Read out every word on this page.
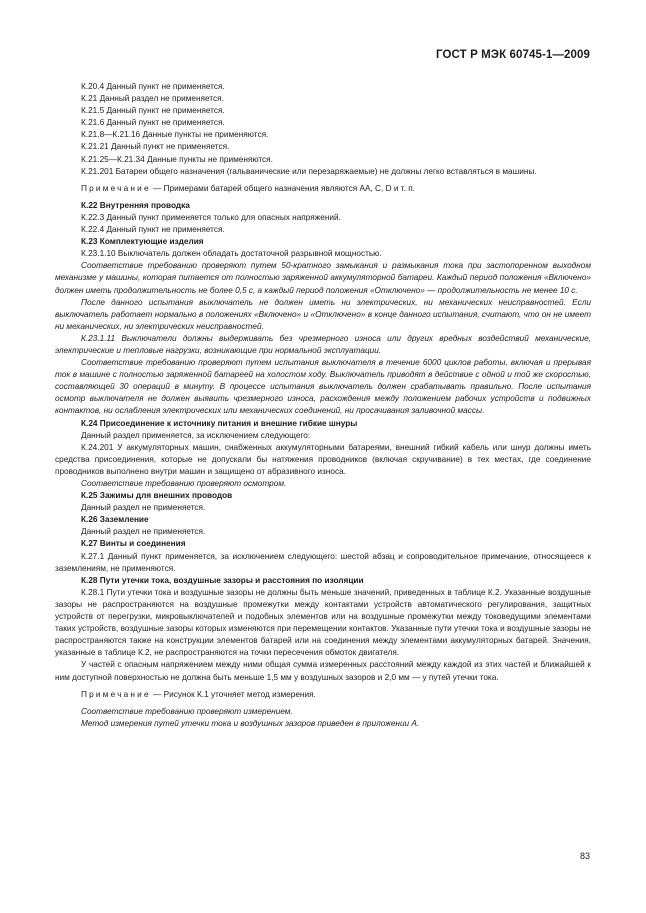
ГОСТ Р МЭК 60745-1—2009

К.20.4 Данный пункт не применяется.

К.21 Данный раздел не применяется.

К.21.5 Данный пункт не применяется.

К.21.6 Данный пункт не применяется.

К.21.8—К.21.16 Данные пункты не применяются.

К.21.21 Данный пункт не применяется.

К.21.25—К.21.34 Данные пункты не применяются.

К.21.201 Батареи общего назначения (гальванические или перезаряжаемые) не должны легко вставляться в машины.

Примечание — Примерами батарей общего назначения являются АА, С, D и т. п.

К.22 Внутренняя проводка

К.22.3 Данный пункт применяется только для опасных напряжений.

К.22.4 Данный пункт не применяется.

К.23 Комплектующие изделия

К.23.1.10 Выключатель должен обладать достаточной разрывной мощностью.

Соответствие требованию проверяют путем 50-кратного замыкания и размыкания тока при застопоренном выходном механизме у машины, которая питается от полностью заряженной аккумуляторной батареи. Каждый период положения «Включено» должен иметь продолжительность не более 0,5 с, а каждый период положения «Отключено» — продолжительность не менее 10 с.

После данного испытания выключатель не должен иметь ни электрических, ни механических неисправностей. Если выключатель работает нормально в положениях «Включено» и «Отключено» в конце данного испытания, считают, что он не имеет ни механических, ни электрических неисправностей.

К.23.1.11 Выключатели должны выдерживать без чрезмерного износа или других вредных воздействий механические, электрические и тепловые нагрузки, возникающие при нормальной эксплуатации.

Соответствие требованию проверяют путем испытания выключателя в течение 6000 циклов работы, включая и прерывая ток в машине с полностью заряженной батареей на холостом ходу. Выключатель приводят в действие с одной и той же скоростью, составляющей 30 операций в минуту. В процессе испытания выключатель должен срабатывать правильно. После испытания осмотр выключателя не должен выявить чрезмерного износа, расхождения между положением рабочих устройств и подвижных контактов, ни ослабления электрических или механических соединений, ни просачивания заливочной массы.

К.24 Присоединение к источнику питания и внешние гибкие шнуры

Данный раздел применяется, за исключением следующего:

К.24.201 У аккумуляторных машин, снабженных аккумуляторными батареями, внешний гибкий кабель или шнур должны иметь средства присоединения, которые не допускали бы натяжения проводников (включая скручивание) в тех местах, где соединение проводников выполнено внутри машин и защищено от абразивного износа.

Соответствие требованию проверяют осмотром.

К.25 Зажимы для внешних проводов

Данный раздел не применяется.

К.26 Заземление

Данный раздел не применяется.

К.27 Винты и соединения

К.27.1 Данный пункт применяется, за исключением следующего: шестой абзац и сопроводительное примечание, относящееся к заземлениям, не применяются.

К.28 Пути утечки тока, воздушные зазоры и расстояния по изоляции

К.28.1 Пути утечки тока и воздушные зазоры не должны быть меньше значений, приведенных в таблице К.2. Указанные воздушные зазоры не распространяются на воздушные промежутки между контактами устройств автоматического регулирования, защитных устройств от перегрузки, микровыключателей и подобных элементов или на воздушные промежутки между токоведущими элементами таких устройств, воздушные зазоры которых изменяются при перемещении контактов. Указанные пути утечки тока и воздушные зазоры не распространяются также на конструкции элементов батарей или на соединения между элементами аккумуляторных батарей. Значения, указанные в таблице К.2, не распространяются на точки пересечения обмоток двигателя.

У частей с опасным напряжением между ними общая сумма измеренных расстояний между каждой из этих частей и ближайшей к ним доступной поверхностью не должна быть меньше 1,5 мм у воздушных зазоров и 2,0 мм — у путей утечки тока.

Примечание — Рисунок К.1 уточняет метод измерения.

Соответствие требованию проверяют измерением.

Метод измерения путей утечки тока и воздушных зазоров приведен в приложении А.

83
